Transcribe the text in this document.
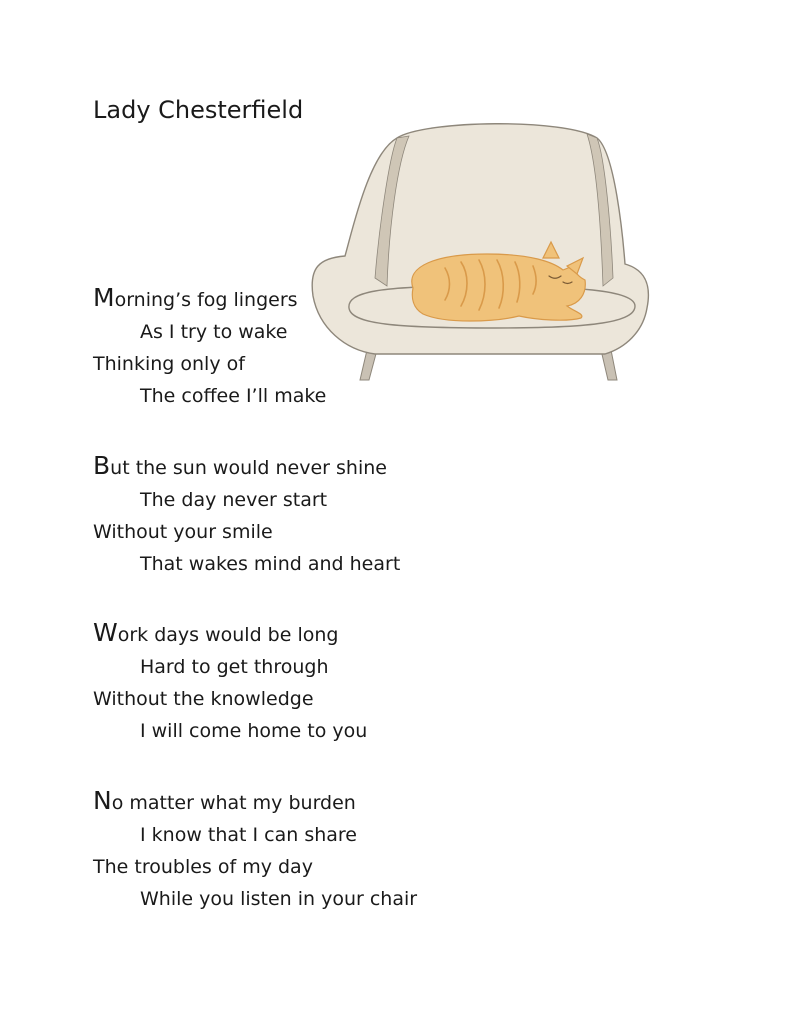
Lady Chesterfield
Morning’s fog lingers
As I try to wake
Thinking only of
The coffee I’ll make
But the sun would never shine
The day never start
Without your smile
That wakes mind and heart
Work days would be long
Hard to get through
Without the knowledge
I will come home to you
No matter what my burden
I know that I can share
The troubles of my day
While you listen in your chair
